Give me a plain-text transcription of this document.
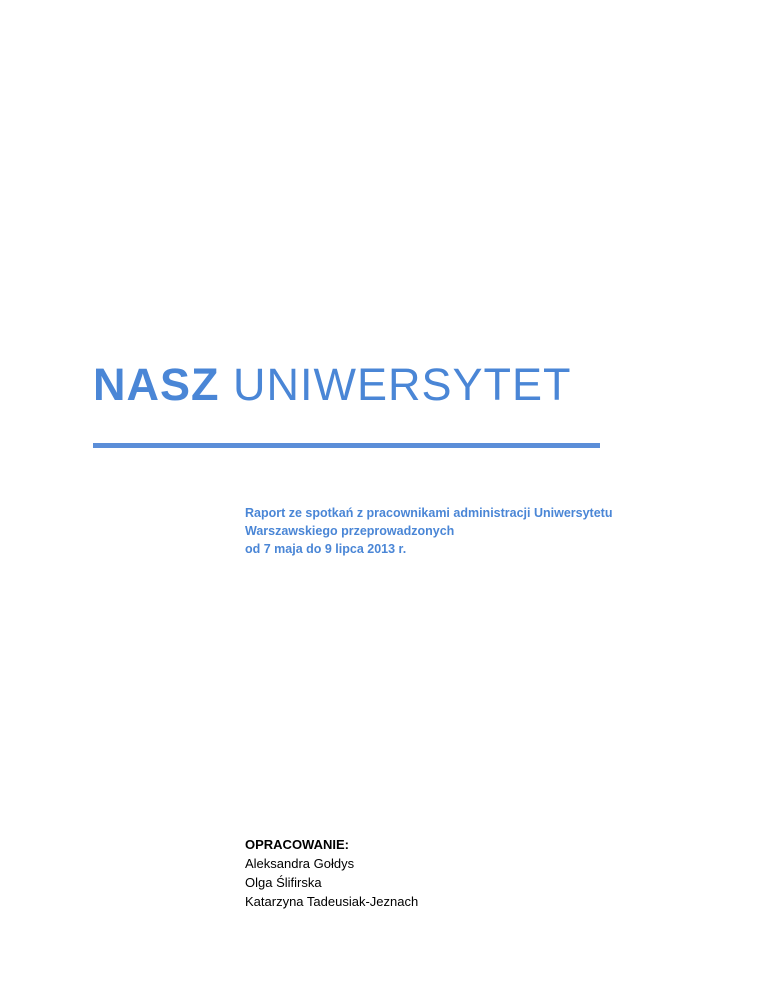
NASZ UNIWERSYTET

Raport ze spotkań z pracownikami administracji Uniwersytetu
Warszawskiego przeprowadzonych
od 7 maja do 9 lipca 2013 r.

OPRACOWANIE:
Aleksandra Gołdys
Olga Ślifirska
Katarzyna Tadeusiak-Jeznach
